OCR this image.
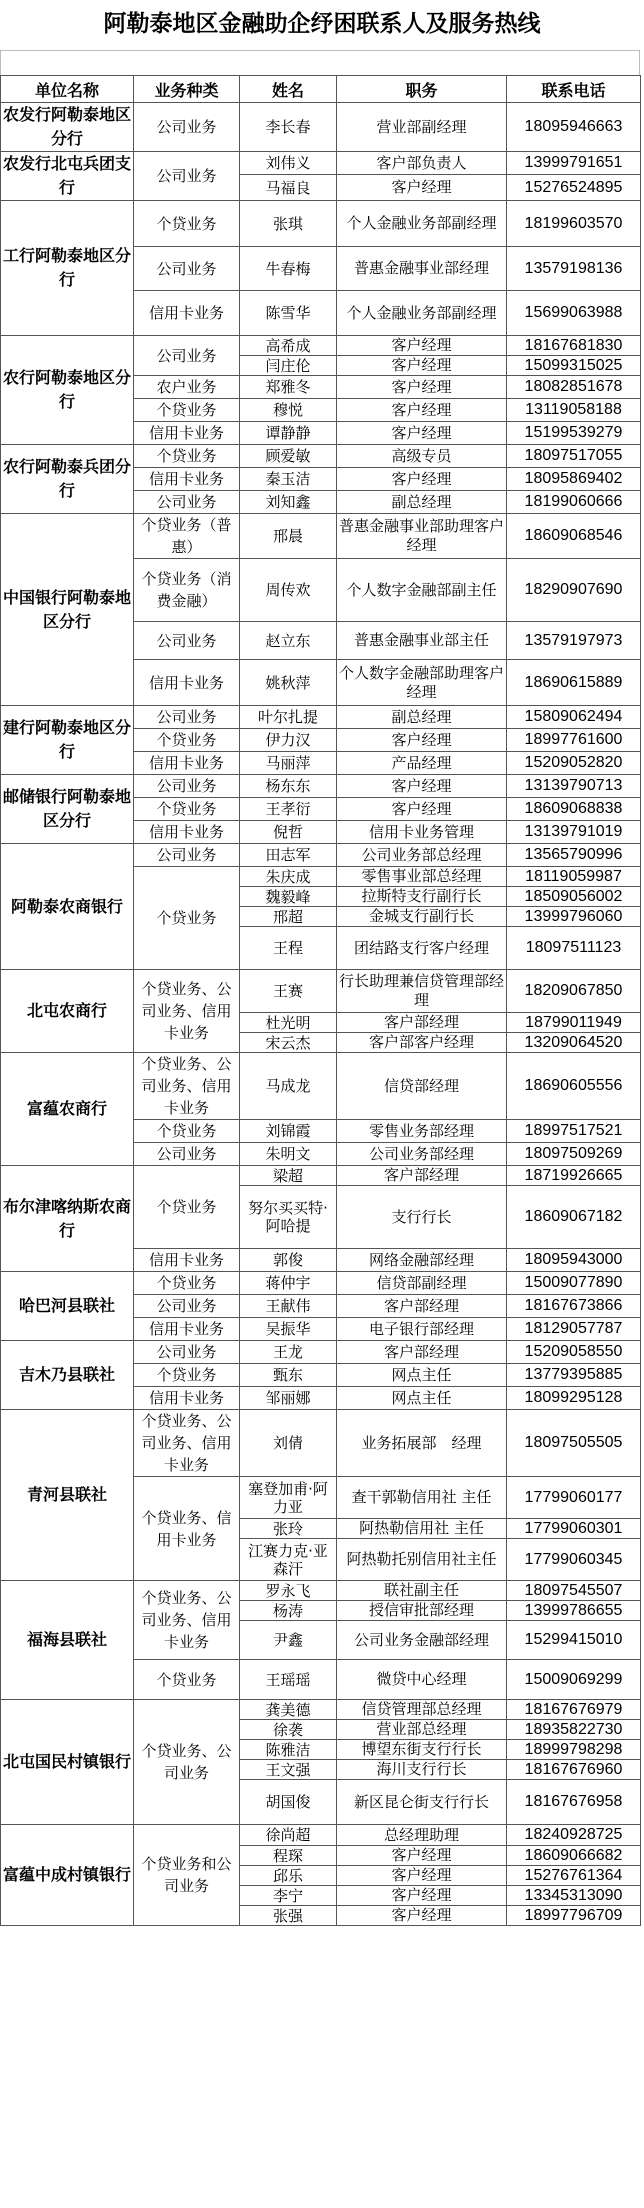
阿勒泰地区金融助企纾困联系人及服务热线
单位名称	业务种类	姓名	职务	联系电话
农发行阿勒泰地区分行	公司业务	李长春	营业部副经理	18095946663
农发行北屯兵团支行	公司业务	刘伟义	客户部负责人	13999791651
		马福良	客户经理	15276524895
工行阿勒泰地区分行	个贷业务	张琪	个人金融业务部副经理	18199603570
	公司业务	牛春梅	普惠金融事业部经理	13579198136
	信用卡业务	陈雪华	个人金融业务部副经理	15699063988
农行阿勒泰地区分行	公司业务	高希成	客户经理	18167681830
		闫庄伦	客户经理	15099315025
	农户业务	郑雅冬	客户经理	18082851678
	个贷业务	穆悦	客户经理	13119058188
	信用卡业务	谭静静	客户经理	15199539279
农行阿勒泰兵团分行	个贷业务	顾爱敏	高级专员	18097517055
	信用卡业务	秦玉洁	客户经理	18095869402
	公司业务	刘知鑫	副总经理	18199060666
中国银行阿勒泰地区分行	个贷业务（普惠）	邢晨	普惠金融事业部助理客户经理	18609068546
	个贷业务（消费金融）	周传欢	个人数字金融部副主任	18290907690
	公司业务	赵立东	普惠金融事业部主任	13579197973
	信用卡业务	姚秋萍	个人数字金融部助理客户经理	18690615889
建行阿勒泰地区分行	公司业务	叶尔扎提	副总经理	15809062494
	个贷业务	伊力汉	客户经理	18997761600
	信用卡业务	马丽萍	产品经理	15209052820
邮储银行阿勒泰地区分行	公司业务	杨东东	客户经理	13139790713
	个贷业务	王孝衍	客户经理	18609068838
	信用卡业务	倪哲	信用卡业务管理	13139791019
阿勒泰农商银行	公司业务	田志军	公司业务部总经理	13565790996
	个贷业务	朱庆成	零售事业部总经理	18119059987
		魏毅峰	拉斯特支行副行长	18509056002
		邢超	金城支行副行长	13999796060
		王程	团结路支行客户经理	18097511123
北屯农商行	个贷业务、公司业务、信用卡业务	王赛	行长助理兼信贷管理部经理	18209067850
		杜光明	客户部经理	18799011949
		宋云杰	客户部客户经理	13209064520
富蕴农商行	个贷业务、公司业务、信用卡业务	马成龙	信贷部经理	18690605556
	个贷业务	刘锦霞	零售业务部经理	18997517521
	公司业务	朱明文	公司业务部经理	18097509269
布尔津喀纳斯农商行	个贷业务	梁超	客户部经理	18719926665
		努尔买买特·阿哈提	支行行长	18609067182
	信用卡业务	郭俊	网络金融部经理	18095943000
哈巴河县联社	个贷业务	蒋仲宇	信贷部副经理	15009077890
	公司业务	王献伟	客户部经理	18167673866
	信用卡业务	吴振华	电子银行部经理	18129057787
吉木乃县联社	公司业务	王龙	客户部经理	15209058550
	个贷业务	甄东	网点主任	13779395885
	信用卡业务	邹丽娜	网点主任	18099295128
青河县联社	个贷业务、公司业务、信用卡业务	刘倩	业务拓展部　经理	18097505505
	个贷业务、信用卡业务	塞登加甫·阿力亚	查干郭勒信用社 主任	17799060177
		张玲	阿热勒信用社 主任	17799060301
		江赛力克·亚森汗	阿热勒托别信用社主任	17799060345
福海县联社	个贷业务、公司业务、信用卡业务	罗永飞	联社副主任	18097545507
		杨涛	授信审批部经理	13999786655
		尹鑫	公司业务金融部经理	15299415010
	个贷业务	王瑶瑶	微贷中心经理	15009069299
北屯国民村镇银行	个贷业务、公司业务	龚美德	信贷管理部总经理	18167676979
		徐袭	营业部总经理	18935822730
		陈雅洁	博望东街支行行长	18999798298
		王文强	海川支行行长	18167676960
		胡国俊	新区昆仑街支行行长	18167676958
富蕴中成村镇银行	个贷业务和公司业务	徐尚超	总经理助理	18240928725
		程琛	客户经理	18609066682
		邱乐	客户经理	15276761364
		李宁	客户经理	13345313090
		张强	客户经理	18997796709
